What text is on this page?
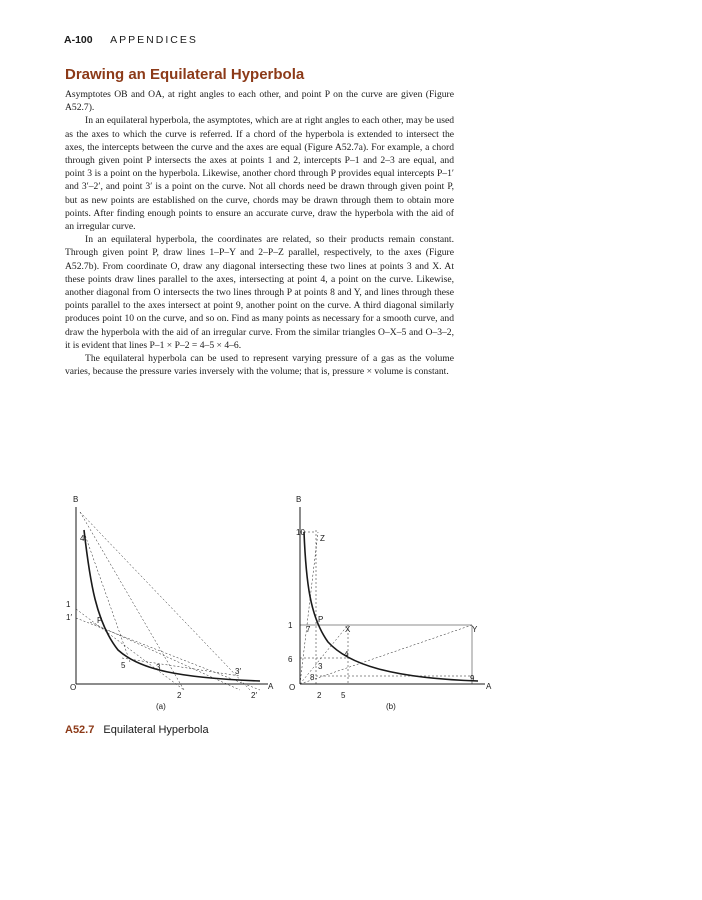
A-100 APPENDICES
Drawing an Equilateral Hyperbola

Asymptotes OB and OA, at right angles to each other, and point P on the curve are given (Figure A52.7).

In an equilateral hyperbola, the asymptotes, which are at right angles to each other, may be used as the axes to which the curve is referred. If a chord of the hyperbola is extended to intersect the axes, the intercepts between the curve and the axes are equal (Figure A52.7a). For example, a chord through given point P intersects the axes at points 1 and 2, intercepts P–1 and 2–3 are equal, and point 3 is a point on the hyperbola. Likewise, another chord through P provides equal intercepts P–1′ and 3′–2′, and point 3′ is a point on the curve. Not all chords need be drawn through given point P, but as new points are established on the curve, chords may be drawn through them to obtain more points. After finding enough points to ensure an accurate curve, draw the hyperbola with the aid of an irregular curve.

In an equilateral hyperbola, the coordinates are related, so their products remain constant. Through given point P, draw lines 1–P–Y and 2–P–Z parallel, respectively, to the axes (Figure A52.7b). From coordinate O, draw any diagonal intersecting these two lines at points 3 and X. At these points draw lines parallel to the axes, intersecting at point 4, a point on the curve. Likewise, another diagonal from O intersects the two lines through P at points 8 and Y, and lines through these points parallel to the axes intersect at point 9, another point on the curve. A third diagonal similarly produces point 10 on the curve, and so on. Find as many points as necessary for a smooth curve, and draw the hyperbola with the aid of an irregular curve. From the similar triangles O–X–5 and O–3–2, it is evident that lines P–1 × P–2 = 4–5 × 4–6.

The equilateral hyperbola can be used to represent varying pressure of a gas as the volume varies, because the pressure varies inversely with the volume; that is, pressure × volume is constant.

B
O	A
P
1
1′
2	2′
3	3′
5
4
(a)
B
O	A
P
X	Y
Z
1
2
3
4
5
6
7
8	9
10
(b)
A52.7 Equilateral Hyperbola
